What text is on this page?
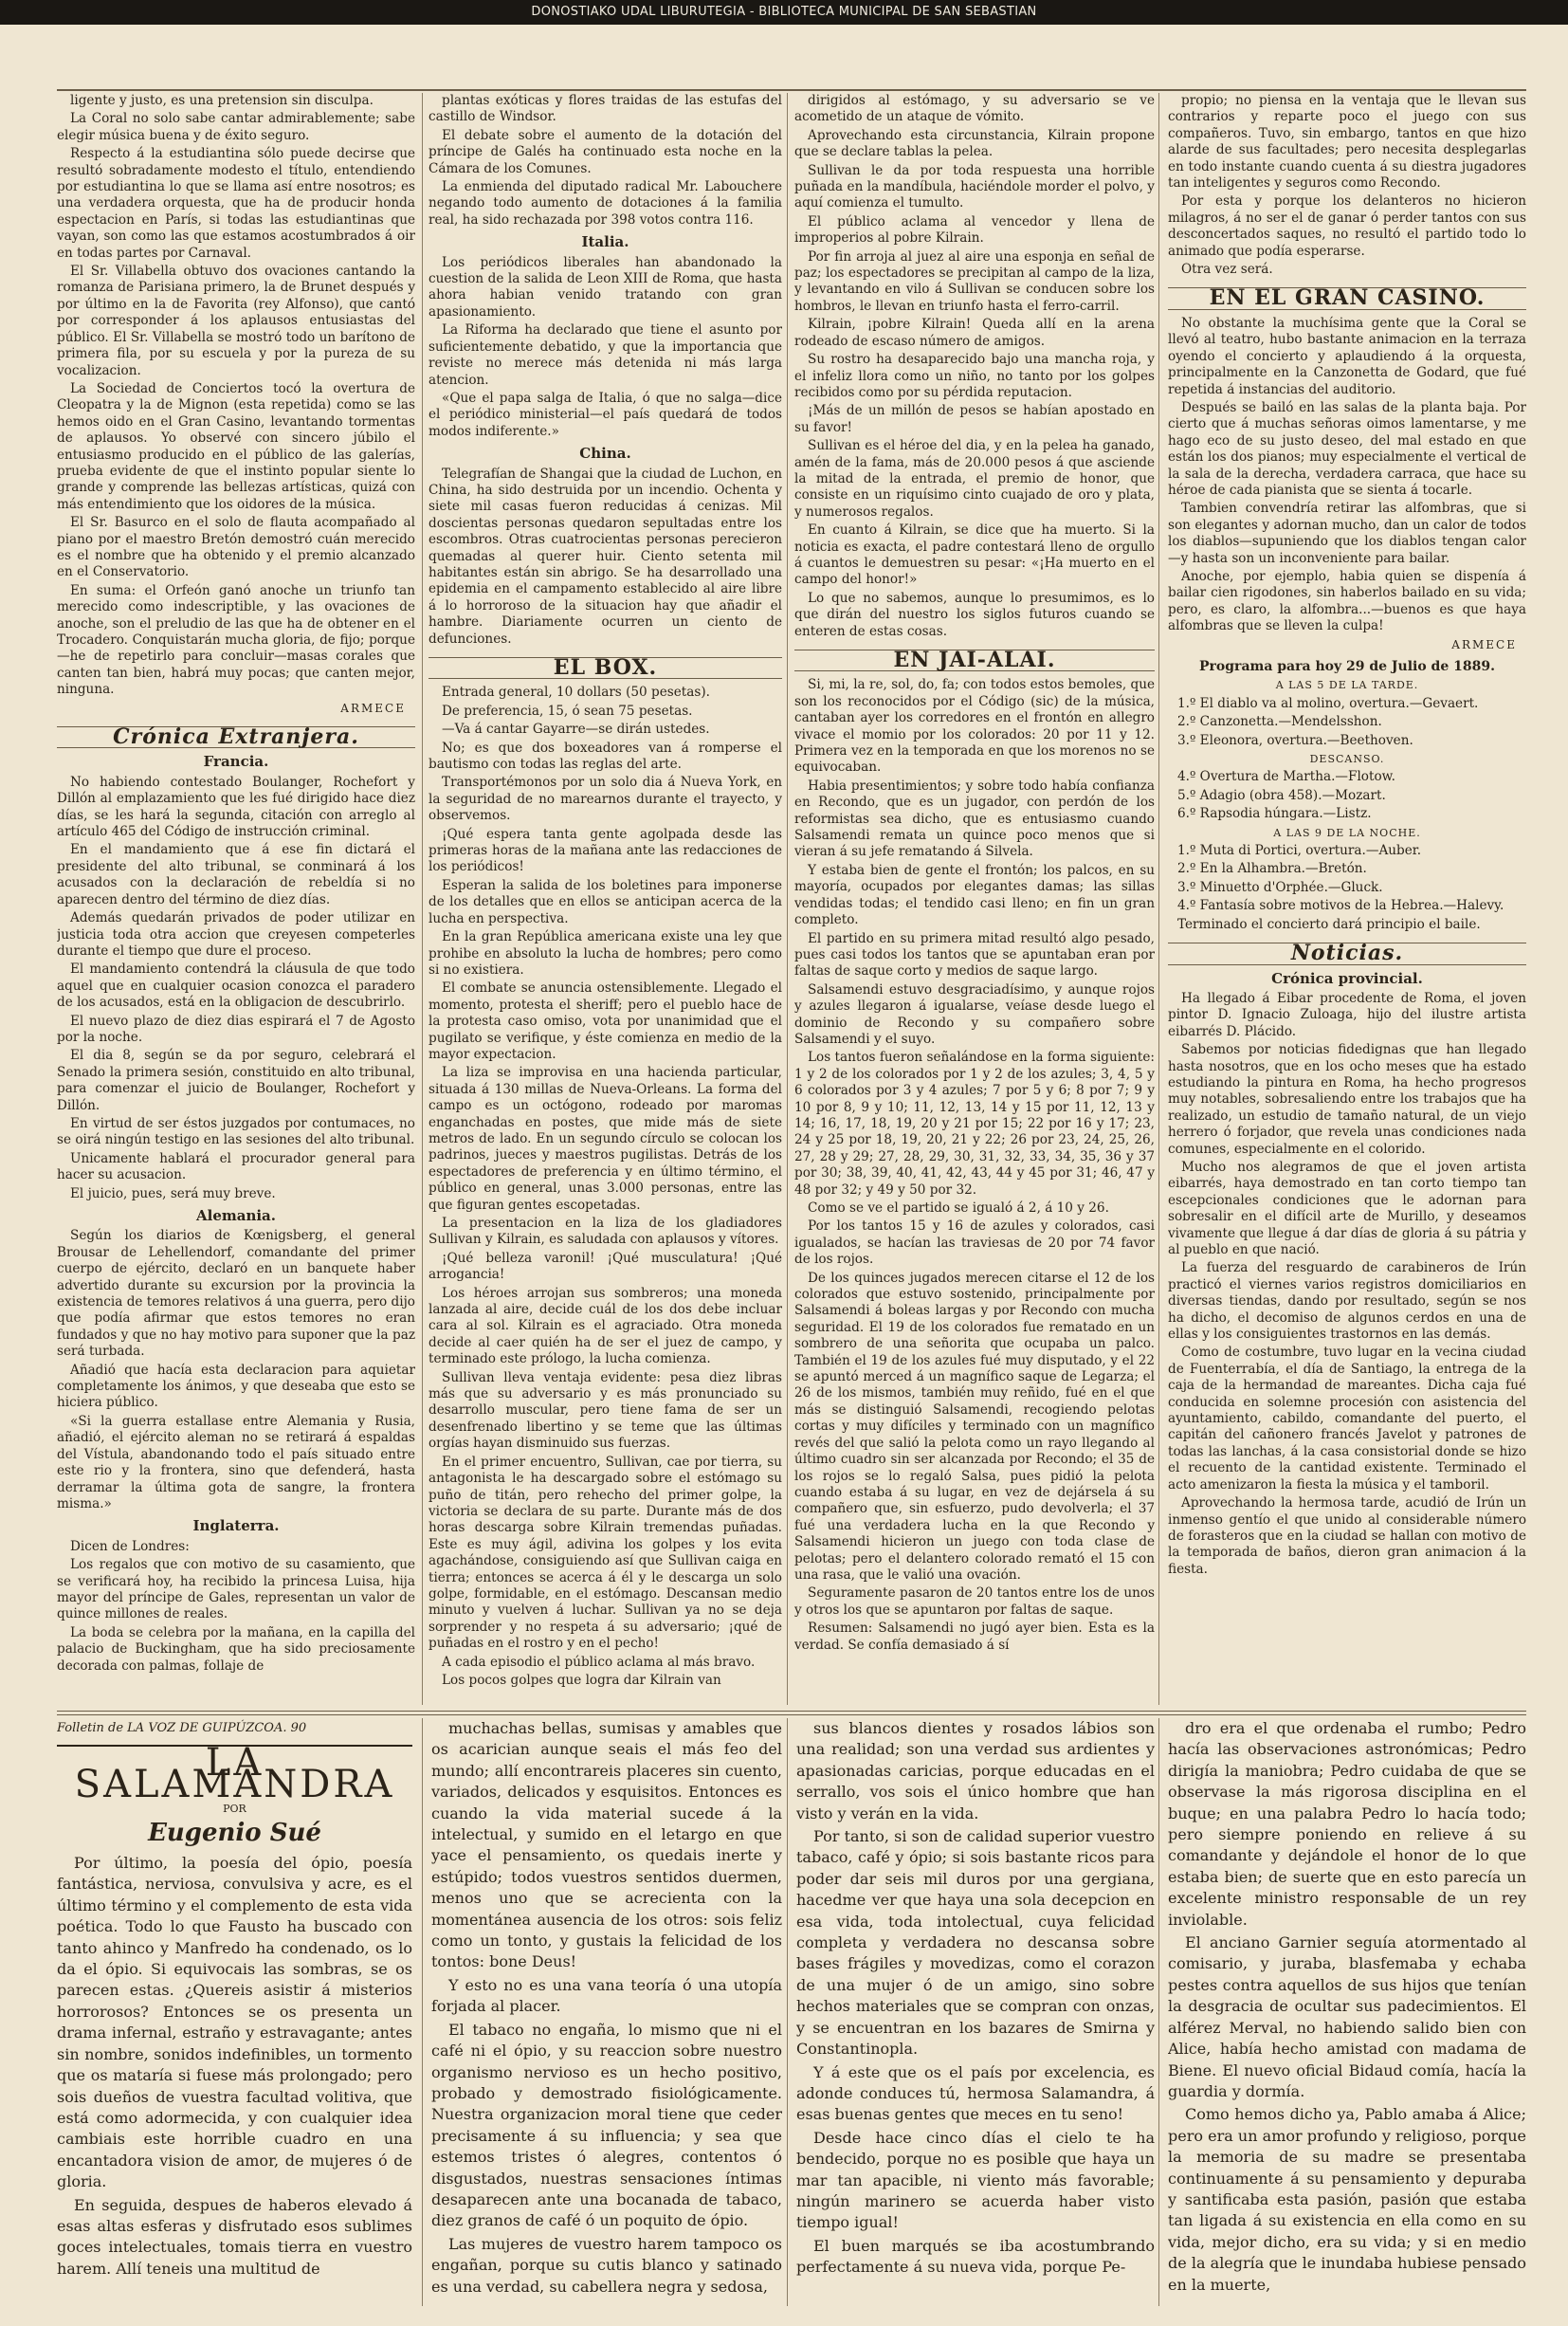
DONOSTIAKO UDAL LIBURUTEGIA - BIBLIOTECA MUNICIPAL DE SAN SEBASTIAN

ligente y justo, es una pretension sin disculpa.

La Coral no solo sabe cantar admirablemente; sabe elegir música buena y de éxito seguro.

Respecto á la estudiantina sólo puede decirse que resultó sobradamente modesto el título, entendiendo por estudiantina lo que se llama así entre nosotros; es una verdadera orquesta, que ha de producir honda espectacion en París, si todas las estudiantinas que vayan, son como las que estamos acostumbrados á oir en todas partes por Carnaval.

El Sr. Villabella obtuvo dos ovaciones cantando la romanza de Parisiana primero, la de Brunet después y por último en la de Favorita (rey Alfonso), que cantó por corresponder á los aplausos entusiastas del público. El Sr. Villabella se mostró todo un barítono de primera fila, por su escuela y por la pureza de su vocalizacion.

La Sociedad de Conciertos tocó la overtura de Cleopatra y la de Mignon (esta repetida) como se las hemos oido en el Gran Casino, levantando tormentas de aplausos. Yo observé con sincero júbilo el entusiasmo producido en el público de las galerías, prueba evidente de que el instinto popular siente lo grande y comprende las bellezas artísticas, quizá con más entendimiento que los oidores de la música.

El Sr. Basurco en el solo de flauta acompañado al piano por el maestro Bretón demostró cuán merecido es el nombre que ha obtenido y el premio alcanzado en el Conservatorio.

En suma: el Orfeón ganó anoche un triunfo tan merecido como indescriptible, y las ovaciones de anoche, son el preludio de las que ha de obtener en el Trocadero. Conquistarán mucha gloria, de fijo; porque—he de repetirlo para concluir—masas corales que canten tan bien, habrá muy pocas; que canten mejor, ninguna.

ARMECE
Crónica Extranjera.
Francia.

No habiendo contestado Boulanger, Rochefort y Dillón al emplazamiento que les fué dirigido hace diez días, se les hará la segunda, citación con arreglo al artículo 465 del Código de instrucción criminal.

En el mandamiento que á ese fin dictará el presidente del alto tribunal, se conminará á los acusados con la declaración de rebeldía si no aparecen dentro del término de diez días.

Además quedarán privados de poder utilizar en justicia toda otra accion que creyesen competerles durante el tiempo que dure el proceso.

El mandamiento contendrá la cláusula de que todo aquel que en cualquier ocasion conozca el paradero de los acusados, está en la obligacion de descubrirlo.

El nuevo plazo de diez dias espirará el 7 de Agosto por la noche.

El dia 8, según se da por seguro, celebrará el Senado la primera sesión, constituido en alto tribunal, para comenzar el juicio de Boulanger, Rochefort y Dillón.

En virtud de ser éstos juzgados por contumaces, no se oirá ningún testigo en las sesiones del alto tribunal.

Unicamente hablará el procurador general para hacer su acusacion.

El juicio, pues, será muy breve.

Alemania.

Según los diarios de Kœnigsberg, el general Brousar de Lehellendorf, comandante del primer cuerpo de ejército, declaró en un banquete haber advertido durante su excursion por la provincia la existencia de temores relativos á una guerra, pero dijo que podía afirmar que estos temores no eran fundados y que no hay motivo para suponer que la paz será turbada.

Añadió que hacía esta declaracion para aquietar completamente los ánimos, y que deseaba que esto se hiciera público.

«Si la guerra estallase entre Alemania y Rusia, añadió, el ejército aleman no se retirará á espaldas del Vístula, abandonando todo el país situado entre este rio y la frontera, sino que defenderá, hasta derramar la última gota de sangre, la frontera misma.»

Inglaterra.

Dicen de Londres:

Los regalos que con motivo de su casamiento, que se verificará hoy, ha recibido la princesa Luisa, hija mayor del príncipe de Gales, representan un valor de quince millones de reales.

La boda se celebra por la mañana, en la capilla del palacio de Buckingham, que ha sido preciosamente decorada con palmas, follaje de

plantas exóticas y flores traidas de las estufas del castillo de Windsor.

El debate sobre el aumento de la dotación del príncipe de Galés ha continuado esta noche en la Cámara de los Comunes.

La enmienda del diputado radical Mr. Labouchere negando todo aumento de dotaciones á la familia real, ha sido rechazada por 398 votos contra 116.

Italia.

Los periódicos liberales han abandonado la cuestion de la salida de Leon XIII de Roma, que hasta ahora habian venido tratando con gran apasionamiento.

La Riforma ha declarado que tiene el asunto por suficientemente debatido, y que la importancia que reviste no merece más detenida ni más larga atencion.

«Que el papa salga de Italia, ó que no salga—dice el periódico ministerial—el país quedará de todos modos indiferente.»

China.

Telegrafían de Shangai que la ciudad de Luchon, en China, ha sido destruida por un incendio. Ochenta y siete mil casas fueron reducidas á cenizas. Mil doscientas personas quedaron sepultadas entre los escombros. Otras cuatrocientas personas perecieron quemadas al querer huir. Ciento setenta mil habitantes están sin abrigo. Se ha desarrollado una epidemia en el campamento establecido al aire libre á lo horroroso de la situacion hay que añadir el hambre. Diariamente ocurren un ciento de defunciones.

EL BOX.

Entrada general, 10 dollars (50 pesetas).

De preferencia, 15, ó sean 75 pesetas.

—Va á cantar Gayarre—se dirán ustedes.

No; es que dos boxeadores van á romperse el bautismo con todas las reglas del arte.

Transportémonos por un solo dia á Nueva York, en la seguridad de no marearnos durante el trayecto, y observemos.

¡Qué espera tanta gente agolpada desde las primeras horas de la mañana ante las redacciones de los periódicos!

Esperan la salida de los boletines para imponerse de los detalles que en ellos se anticipan acerca de la lucha en perspectiva.

En la gran República americana existe una ley que prohibe en absoluto la lucha de hombres; pero como si no existiera.

El combate se anuncia ostensiblemente. Llegado el momento, protesta el sheriff; pero el pueblo hace de la protesta caso omiso, vota por unanimidad que el pugilato se verifique, y éste comienza en medio de la mayor expectacion.

La liza se improvisa en una hacienda particular, situada á 130 millas de Nueva-Orleans. La forma del campo es un octógono, rodeado por maromas enganchadas en postes, que mide más de siete metros de lado. En un segundo círculo se colocan los padrinos, jueces y maestros pugilistas. Detrás de los espectadores de preferencia y en último término, el público en general, unas 3.000 personas, entre las que figuran gentes escopetadas.

La presentacion en la liza de los gladiadores Sullivan y Kilrain, es saludada con aplausos y vítores.

¡Qué belleza varonil! ¡Qué musculatura! ¡Qué arrogancia!

Los héroes arrojan sus sombreros; una moneda lanzada al aire, decide cuál de los dos debe incluar cara al sol. Kilrain es el agraciado. Otra moneda decide al caer quién ha de ser el juez de campo, y terminado este prólogo, la lucha comienza.

Sullivan lleva ventaja evidente: pesa diez libras más que su adversario y es más pronunciado su desarrollo muscular, pero tiene fama de ser un desenfrenado libertino y se teme que las últimas orgías hayan disminuido sus fuerzas.

En el primer encuentro, Sullivan, cae por tierra, su antagonista le ha descargado sobre el estómago su puño de titán, pero rehecho del primer golpe, la victoria se declara de su parte. Durante más de dos horas descarga sobre Kilrain tremendas puñadas. Este es muy ágil, adivina los golpes y los evita agachándose, consiguiendo así que Sullivan caiga en tierra; entonces se acerca á él y le descarga un solo golpe, formidable, en el estómago. Descansan medio minuto y vuelven á luchar. Sullivan ya no se deja sorprender y no respeta á su adversario; ¡qué de puñadas en el rostro y en el pecho!

A cada episodio el público aclama al más bravo.

Los pocos golpes que logra dar Kilrain van

dirigidos al estómago, y su adversario se ve acometido de un ataque de vómito.

Aprovechando esta circunstancia, Kilrain propone que se declare tablas la pelea.

Sullivan le da por toda respuesta una horrible puñada en la mandíbula, haciéndole morder el polvo, y aquí comienza el tumulto.

El público aclama al vencedor y llena de improperios al pobre Kilrain.

Por fin arroja al juez al aire una esponja en señal de paz; los espectadores se precipitan al campo de la liza, y levantando en vilo á Sullivan se conducen sobre los hombros, le llevan en triunfo hasta el ferro-carril.

Kilrain, ¡pobre Kilrain! Queda allí en la arena rodeado de escaso número de amigos.

Su rostro ha desaparecido bajo una mancha roja, y el infeliz llora como un niño, no tanto por los golpes recibidos como por su pérdida reputacion.

¡Más de un millón de pesos se habían apostado en su favor!

Sullivan es el héroe del dia, y en la pelea ha ganado, amén de la fama, más de 20.000 pesos á que asciende la mitad de la entrada, el premio de honor, que consiste en un riquísimo cinto cuajado de oro y plata, y numerosos regalos.

En cuanto á Kilrain, se dice que ha muerto. Si la noticia es exacta, el padre contestará lleno de orgullo á cuantos le demuestren su pesar: «¡Ha muerto en el campo del honor!»

Lo que no sabemos, aunque lo presumimos, es lo que dirán del nuestro los siglos futuros cuando se enteren de estas cosas.

EN JAI-ALAI.

Si, mi, la re, sol, do, fa; con todos estos bemoles, que son los reconocidos por el Código (sic) de la música, cantaban ayer los corredores en el frontón en allegro vivace el momio por los colorados: 20 por 11 y 12. Primera vez en la temporada en que los morenos no se equivocaban.

Habia presentimientos; y sobre todo había confianza en Recondo, que es un jugador, con perdón de los reformistas sea dicho, que es entusiasmo cuando Salsamendi remata un quince poco menos que si vieran á su jefe rematando á Silvela.

Y estaba bien de gente el frontón; los palcos, en su mayoría, ocupados por elegantes damas; las sillas vendidas todas; el tendido casi lleno; en fin un gran completo.

El partido en su primera mitad resultó algo pesado, pues casi todos los tantos que se apuntaban eran por faltas de saque corto y medios de saque largo.

Salsamendi estuvo desgraciadísimo, y aunque rojos y azules llegaron á igualarse, veíase desde luego el dominio de Recondo y su compañero sobre Salsamendi y el suyo.

Los tantos fueron señalándose en la forma siguiente: 1 y 2 de los colorados por 1 y 2 de los azules; 3, 4, 5 y 6 colorados por 3 y 4 azules; 7 por 5 y 6; 8 por 7; 9 y 10 por 8, 9 y 10; 11, 12, 13, 14 y 15 por 11, 12, 13 y 14; 16, 17, 18, 19, 20 y 21 por 15; 22 por 16 y 17; 23, 24 y 25 por 18, 19, 20, 21 y 22; 26 por 23, 24, 25, 26, 27, 28 y 29; 27, 28, 29, 30, 31, 32, 33, 34, 35, 36 y 37 por 30; 38, 39, 40, 41, 42, 43, 44 y 45 por 31; 46, 47 y 48 por 32; y 49 y 50 por 32.

Como se ve el partido se igualó á 2, á 10 y 26.

Por los tantos 15 y 16 de azules y colorados, casi igualados, se hacían las traviesas de 20 por 74 favor de los rojos.

De los quinces jugados merecen citarse el 12 de los colorados que estuvo sostenido, principalmente por Salsamendi á boleas largas y por Recondo con mucha seguridad. El 19 de los colorados fue rematado en un sombrero de una señorita que ocupaba un palco. También el 19 de los azules fué muy disputado, y el 22 se apuntó merced á un magnífico saque de Legarza; el 26 de los mismos, también muy reñido, fué en el que más se distinguió Salsamendi, recogiendo pelotas cortas y muy difíciles y terminado con un magnífico revés del que salió la pelota como un rayo llegando al último cuadro sin ser alcanzada por Recondo; el 35 de los rojos se lo regaló Salsa, pues pidió la pelota cuando estaba á su lugar, en vez de dejársela á su compañero que, sin esfuerzo, pudo devolverla; el 37 fué una verdadera lucha en la que Recondo y Salsamendi hicieron un juego con toda clase de pelotas; pero el delantero colorado remató el 15 con una rasa, que le valió una ovación.

Seguramente pasaron de 20 tantos entre los de unos y otros los que se apuntaron por faltas de saque.

Resumen: Salsamendi no jugó ayer bien. Esta es la verdad. Se confía demasiado á sí

propio; no piensa en la ventaja que le llevan sus contrarios y reparte poco el juego con sus compañeros. Tuvo, sin embargo, tantos en que hizo alarde de sus facultades; pero necesita desplegarlas en todo instante cuando cuenta á su diestra jugadores tan inteligentes y seguros como Recondo.

Por esta y porque los delanteros no hicieron milagros, á no ser el de ganar ó perder tantos con sus desconcertados saques, no resultó el partido todo lo animado que podía esperarse.

Otra vez será.

EN EL GRAN CASINO.

No obstante la muchísima gente que la Coral se llevó al teatro, hubo bastante animacion en la terraza oyendo el concierto y aplaudiendo á la orquesta, principalmente en la Canzonetta de Godard, que fué repetida á instancias del auditorio.

Después se bailó en las salas de la planta baja. Por cierto que á muchas señoras oimos lamentarse, y me hago eco de su justo deseo, del mal estado en que están los dos pianos; muy especialmente el vertical de la sala de la derecha, verdadera carraca, que hace su héroe de cada pianista que se sienta á tocarle.

Tambien convendría retirar las alfombras, que si son elegantes y adornan mucho, dan un calor de todos los diablos—supuniendo que los diablos tengan calor—y hasta son un inconveniente para bailar.

Anoche, por ejemplo, habia quien se dispenía á bailar cien rigodones, sin haberlos bailado en su vida; pero, es claro, la alfombra...—buenos es que haya alfombras que se lleven la culpa!

ARMECE
Programa para hoy 29 de Julio de 1889.
A LAS 5 DE LA TARDE.

1.º El diablo va al molino, overtura.—Gevaert.

2.º Canzonetta.—Mendelsshon.

3.º Eleonora, overtura.—Beethoven.

DESCANSO.

4.º Overtura de Martha.—Flotow.

5.º Adagio (obra 458).—Mozart.

6.º Rapsodia húngara.—Listz.

A LAS 9 DE LA NOCHE.

1.º Muta di Portici, overtura.—Auber.

2.º En la Alhambra.—Bretón.

3.º Minuetto d'Orphée.—Gluck.

4.º Fantasía sobre motivos de la Hebrea.—Halevy.

Terminado el concierto dará principio el baile.

Noticias.
Crónica provincial.

Ha llegado á Eibar procedente de Roma, el joven pintor D. Ignacio Zuloaga, hijo del ilustre artista eibarrés D. Plácido.

Sabemos por noticias fidedignas que han llegado hasta nosotros, que en los ocho meses que ha estado estudiando la pintura en Roma, ha hecho progresos muy notables, sobresaliendo entre los trabajos que ha realizado, un estudio de tamaño natural, de un viejo herrero ó forjador, que revela unas condiciones nada comunes, especialmente en el colorido.

Mucho nos alegramos de que el joven artista eibarrés, haya demostrado en tan corto tiempo tan escepcionales condiciones que le adornan para sobresalir en el difícil arte de Murillo, y deseamos vivamente que llegue á dar días de gloria á su pátria y al pueblo en que nació.

La fuerza del resguardo de carabineros de Irún practicó el viernes varios registros domiciliarios en diversas tiendas, dando por resultado, según se nos ha dicho, el decomiso de algunos cerdos en una de ellas y los consiguientes trastornos en las demás.

Como de costumbre, tuvo lugar en la vecina ciudad de Fuenterrabía, el día de Santiago, la entrega de la caja de la hermandad de mareantes. Dicha caja fué conducida en solemne procesión con asistencia del ayuntamiento, cabildo, comandante del puerto, el capitán del cañonero francés Javelot y patrones de todas las lanchas, á la casa consistorial donde se hizo el recuento de la cantidad existente. Terminado el acto amenizaron la fiesta la música y el tamboril.

Aprovechando la hermosa tarde, acudió de Irún un inmenso gentío el que unido al considerable número de forasteros que en la ciudad se hallan con motivo de la temporada de baños, dieron gran animacion á la fiesta.

Folletin de LA VOZ DE GUIPÚZCOA. 90
LA SALAMANDRA
POR
Eugenio Sué

Por último, la poesía del ópio, poesía fantástica, nerviosa, convulsiva y acre, es el último término y el complemento de esta vida poética. Todo lo que Fausto ha buscado con tanto ahinco y Manfredo ha condenado, os lo da el ópio. Si equivocais las sombras, se os parecen estas. ¿Quereis asistir á misterios horrorosos? Entonces se os presenta un drama infernal, estraño y estravagante; antes sin nombre, sonidos indefinibles, un tormento que os mataría si fuese más prolongado; pero sois dueños de vuestra facultad volitiva, que está como adormecida, y con cualquier idea cambiais este horrible cuadro en una encantadora vision de amor, de mujeres ó de gloria.

En seguida, despues de haberos elevado á esas altas esferas y disfrutado esos sublimes goces intelectuales, tomais tierra en vuestro harem. Allí teneis una multitud de

muchachas bellas, sumisas y amables que os acarician aunque seais el más feo del mundo; allí encontrareis placeres sin cuento, variados, delicados y esquisitos. Entonces es cuando la vida material sucede á la intelectual, y sumido en el letargo en que yace el pensamiento, os quedais inerte y estúpido; todos vuestros sentidos duermen, menos uno que se acrecienta con la momentánea ausencia de los otros: sois feliz como un tonto, y gustais la felicidad de los tontos: bone Deus!

Y esto no es una vana teoría ó una utopía forjada al placer.

El tabaco no engaña, lo mismo que ni el café ni el ópio, y su reaccion sobre nuestro organismo nervioso es un hecho positivo, probado y demostrado fisiológicamente. Nuestra organizacion moral tiene que ceder precisamente á su influencia; y sea que estemos tristes ó alegres, contentos ó disgustados, nuestras sensaciones íntimas desaparecen ante una bocanada de tabaco, diez granos de café ó un poquito de ópio.

Las mujeres de vuestro harem tampoco os engañan, porque su cutis blanco y satinado es una verdad, su cabellera negra y sedosa,

sus blancos dientes y rosados lábios son una realidad; son una verdad sus ardientes y apasionadas caricias, porque educadas en el serrallo, vos sois el único hombre que han visto y verán en la vida.

Por tanto, si son de calidad superior vuestro tabaco, café y ópio; si sois bastante ricos para poder dar seis mil duros por una gergiana, hacedme ver que haya una sola decepcion en esa vida, toda intolectual, cuya felicidad completa y verdadera no descansa sobre bases frágiles y movedizas, como el corazon de una mujer ó de un amigo, sino sobre hechos materiales que se compran con onzas, y se encuentran en los bazares de Smirna y Constantinopla.

Y á este que os el país por excelencia, es adonde conduces tú, hermosa Salamandra, á esas buenas gentes que meces en tu seno!

Desde hace cinco días el cielo te ha bendecido, porque no es posible que haya un mar tan apacible, ni viento más favorable; ningún marinero se acuerda haber visto tiempo igual!

El buen marqués se iba acostumbrando perfectamente á su nueva vida, porque Pe-

dro era el que ordenaba el rumbo; Pedro hacía las observaciones astronómicas; Pedro dirigía la maniobra; Pedro cuidaba de que se observase la más rigorosa disciplina en el buque; en una palabra Pedro lo hacía todo; pero siempre poniendo en relieve á su comandante y dejándole el honor de lo que estaba bien; de suerte que en esto parecía un excelente ministro responsable de un rey inviolable.

El anciano Garnier seguía atormentado al comisario, y juraba, blasfemaba y echaba pestes contra aquellos de sus hijos que tenían la desgracia de ocultar sus padecimientos. El alférez Merval, no habiendo salido bien con Alice, había hecho amistad con madama de Biene. El nuevo oficial Bidaud comía, hacía la guardia y dormía.

Como hemos dicho ya, Pablo amaba á Alice; pero era un amor profundo y religioso, porque la memoria de su madre se presentaba continuamente á su pensamiento y depuraba y santificaba esta pasión, pasión que estaba tan ligada á su existencia en ella como en su vida, mejor dicho, era su vida; y si en medio de la alegría que le inundaba hubiese pensado en la muerte,
